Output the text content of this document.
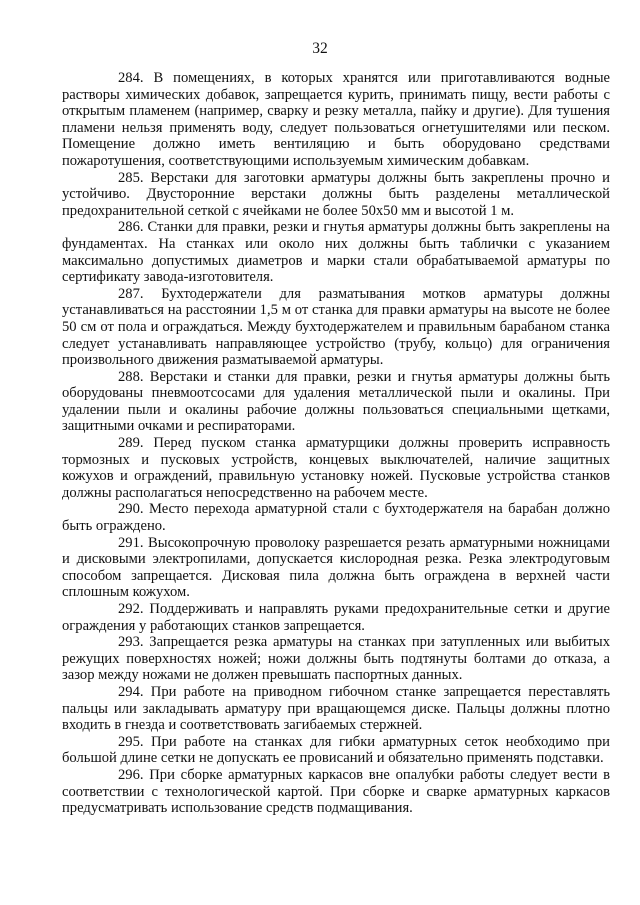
32

284. В помещениях, в которых хранятся или приготавливаются водные растворы химических добавок, запрещается курить, принимать пищу, вести работы с открытым пламенем (например, сварку и резку металла, пайку и другие). Для тушения пламени нельзя применять воду, следует пользоваться огнетушителями или песком. Помещение должно иметь вентиляцию и быть оборудовано средствами пожаротушения, соответствующими используемым химическим добавкам.

285. Верстаки для заготовки арматуры должны быть закреплены прочно и устойчиво. Двусторонние верстаки должны быть разделены металлической предохранительной сеткой с ячейками не более 50х50 мм и высотой 1 м.

286. Станки для правки, резки и гнутья арматуры должны быть закреплены на фундаментах. На станках или около них должны быть таблички с указанием максимально допустимых диаметров и марки стали обрабатываемой арматуры по сертификату завода-изготовителя.

287. Бухтодержатели для разматывания мотков арматуры должны устанавливаться на расстоянии 1,5 м от станка для правки арматуры на высоте не более 50 см от пола и ограждаться. Между бухтодержателем и правильным барабаном станка следует устанавливать направляющее устройство (трубу, кольцо) для ограничения произвольного движения разматываемой арматуры.

288. Верстаки и станки для правки, резки и гнутья арматуры должны быть оборудованы пневмоотсосами для удаления металлической пыли и окалины. При удалении пыли и окалины рабочие должны пользоваться специальными щетками, защитными очками и респираторами.

289. Перед пуском станка арматурщики должны проверить исправность тормозных и пусковых устройств, концевых выключателей, наличие защитных кожухов и ограждений, правильную установку ножей. Пусковые устройства станков должны располагаться непосредственно на рабочем месте.

290. Место перехода арматурной стали с бухтодержателя на барабан должно быть ограждено.

291. Высокопрочную проволоку разрешается резать арматурными ножницами и дисковыми электропилами, допускается кислородная резка. Резка электродуговым способом запрещается. Дисковая пила должна быть ограждена в верхней части сплошным кожухом.

292. Поддерживать и направлять руками предохранительные сетки и другие ограждения у работающих станков запрещается.

293. Запрещается резка арматуры на станках при затупленных или выбитых режущих поверхностях ножей; ножи должны быть подтянуты болтами до отказа, а зазор между ножами не должен превышать паспортных данных.

294. При работе на приводном гибочном станке запрещается переставлять пальцы или закладывать арматуру при вращающемся диске. Пальцы должны плотно входить в гнезда и соответствовать загибаемых стержней.

295. При работе на станках для гибки арматурных сеток необходимо при большой длине сетки не допускать ее провисаний и обязательно применять подставки.

296. При сборке арматурных каркасов вне опалубки работы следует вести в соответствии с технологической картой. При сборке и сварке арматурных каркасов предусматривать использование средств подмащивания.
